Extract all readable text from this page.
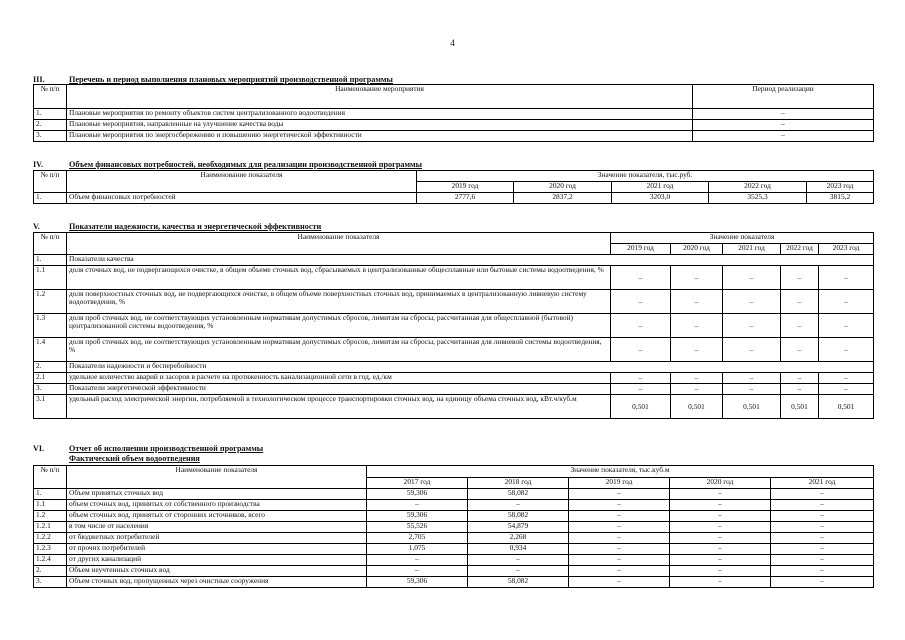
4
III.	Перечень и период выполнения плановых мероприятий производственной программы
№ п/п	Наименование мероприятия	Период реализации
1.	Плановые мероприятия по ремонту объектов систем централизованного водоотведения	–
2.	Плановые мероприятия, направленные на улучшение качества воды	–
3.	Плановые мероприятия по энергосбережению и повышению энергетической эффективности	–
IV.	Объем финансовых потребностей, необходимых для реализации производственной программы
№ п/п	Наименование показателя	Значение показателя, тыс.руб.				
		2019 год	2020 год	2021 год	2022 год	2023 год
1.	Объем финансовых потребностей	2777,6	2837,2	3203,0	3525,3	3815,2
V.	Показатели надежности, качества и энергетической эффективности
№ п/п	Наименование показателя	Значение показателя				
		2019 год	2020 год	2021 год	2022 год	2023 год
1.	Показатели качества					
1.1	доля сточных вод, не подвергающихся очистке, в общем объеме сточных вод, сбрасываемых в централизованные общесплавные или бытовые системы водоотведения, %	–	–	–	–	–
1.2	доля поверхностных сточных вод, не подвергающихся очистке, в общем объеме поверхностных сточных вод, принимаемых в централизованную ливневую систему водоотведения, %	–	–	–	–	–
1.3	доля проб сточных вод, не соответствующих установленным нормативам допустимых сбросов, лимитам на сбросы, рассчитанная для общесплавной (бытовой) централизованной системы водоотведения, %	–	–	–	–	–
1.4	доля проб сточных вод, не соответствующих установленным нормативам допустимых сбросов, лимитам на сбросы, рассчитанная для ливневой системы водоотведения, %	–	–	–	–	–
2.	Показатели надежности и бесперебойности					
2.1	удельное количество аварий и засоров в расчете на протяженность канализационной сети в год, ед./км	–	–	–	–	–
3.	Показатели энергетической эффективности	–	–	–	–	–
3.1	удельный расход электрической энергии, потребляемой в технологическом процессе транспортировки сточных вод, на единицу объема сточных вод, кВт.ч/куб.м	0,501	0,501	0,501	0,501	0,501
VI.	Отчет об исполнении производственной программы
Фактический объем водоотведения
№ п/п	Наименование показателя	Значение показателя, тыс.куб.м				
		2017 год	2018 год	2019 год	2020 год	2021 год
1.	Объем принятых сточных вод	59,306	58,082	–	–	–
1.1	объем сточных вод, принятых от собственного производства	–	–	–	–	–
1.2	объем сточных вод, принятых от сторонних источников, всего	59,306	58,082	–	–	–
1.2.1	в том числе от населения	55,526	54,879	–	–	–
1.2.2	от бюджетных потребителей	2,705	2,268	–	–	–
1.2.3	от прочих потребителей	1,075	0,934	–	–	–
1.2.4	от других канализаций	–	–	–	–	–
2.	Объем неучтенных сточных вод	–	–	–	–	–
3.	Объем сточных вод, пропущенных через очистные сооружения	59,306	58,082	–	–	–
